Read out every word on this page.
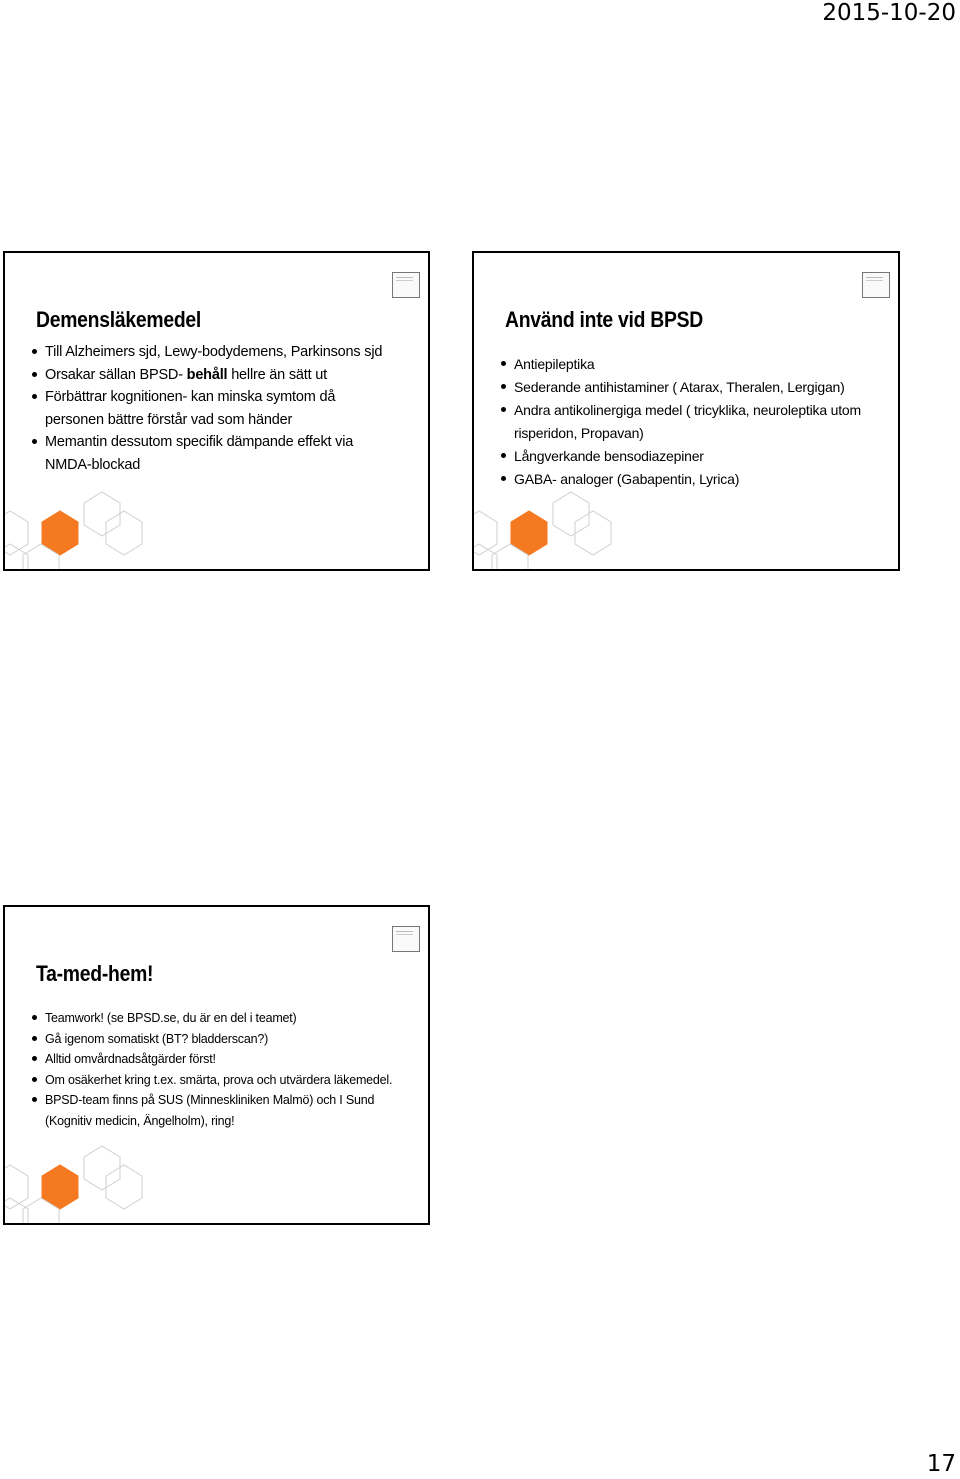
2015-10-20
Demensläkemedel
Till Alzheimers sjd, Lewy-bodydemens, Parkinsons sjd
Orsakar sällan BPSD- behåll hellre än sätt ut
Förbättrar kognitionen- kan minska symtom då personen bättre förstår vad som händer
Memantin dessutom specifik dämpande effekt via NMDA-blockad
Använd inte vid BPSD
Antiepileptika
Sederande antihistaminer ( Atarax, Theralen, Lergigan)
Andra antikolinergiga medel ( tricyklika, neuroleptika utom risperidon, Propavan)
Långverkande bensodiazepiner
GABA- analoger (Gabapentin, Lyrica)
Ta-med-hem!
Teamwork! (se BPSD.se, du är en del i teamet)
Gå igenom somatiskt (BT? bladderscan?)
Alltid omvårdnadsåtgärder först!
Om osäkerhet kring t.ex. smärta, prova och utvärdera läkemedel.
BPSD-team finns på SUS (Minneskliniken Malmö) och I Sund (Kognitiv medicin, Ängelholm), ring!
17
